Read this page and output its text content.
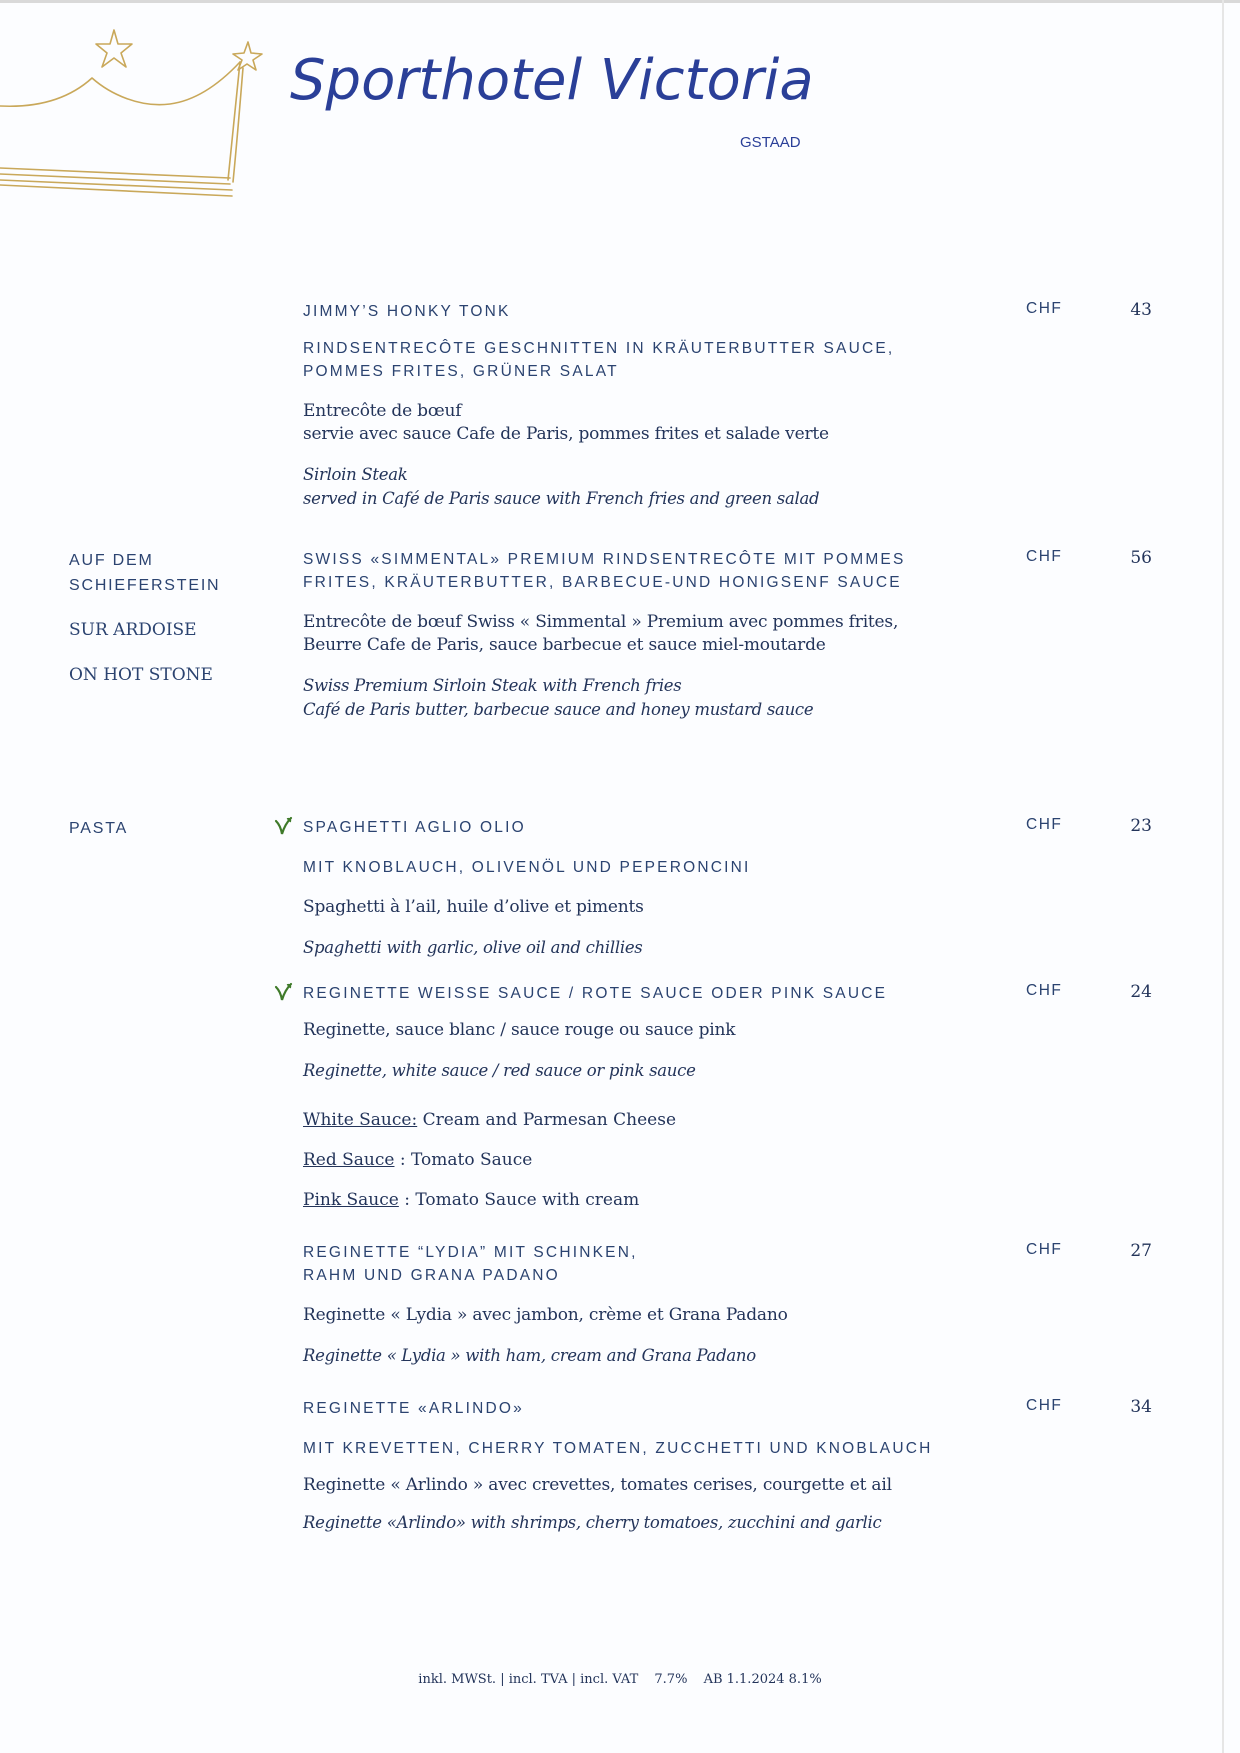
Sporthotel Victoria
GSTAAD
JIMMY’S HONKY TONK
RINDSENTRECÔTE GESCHNITTEN IN KRÄUTERBUTTER SAUCE,
POMMES FRITES, GRÜNER SALAT
Entrecôte de bœuf
servie avec sauce Cafe de Paris, pommes frites et salade verte
Sirloin Steak
served in Café de Paris sauce with French fries and green salad
CHF	43
AUF DEM
SCHIEFERSTEIN
SUR ARDOISE
ON HOT STONE
SWISS «SIMMENTAL» PREMIUM RINDSENTRECÔTE MIT POMMES
FRITES, KRÄUTERBUTTER, BARBECUE-UND HONIGSENF SAUCE
Entrecôte de bœuf Swiss « Simmental » Premium avec pommes frites,
Beurre Cafe de Paris, sauce barbecue et sauce miel-moutarde
Swiss Premium Sirloin Steak with French fries
Café de Paris butter, barbecue sauce and honey mustard sauce
CHF	56
PASTA	SPAGHETTI AGLIO OLIO
MIT KNOBLAUCH, OLIVENÖL UND PEPERONCINI
Spaghetti à l’ail, huile d’olive et piments
Spaghetti with garlic, olive oil and chillies
CHF	23
REGINETTE WEISSE SAUCE / ROTE SAUCE ODER PINK SAUCE
Reginette, sauce blanc / sauce rouge ou sauce pink
Reginette, white sauce / red sauce or pink sauce
White Sauce: Cream and Parmesan Cheese
Red Sauce : Tomato Sauce
Pink Sauce : Tomato Sauce with cream
CHF	24
REGINETTE “LYDIA” MIT SCHINKEN,
RAHM UND GRANA PADANO
Reginette « Lydia » avec jambon, crème et Grana Padano
Reginette « Lydia » with ham, cream and Grana Padano
CHF	27
REGINETTE «ARLINDO»
MIT KREVETTEN, CHERRY TOMATEN, ZUCCHETTI UND KNOBLAUCH
Reginette « Arlindo » avec crevettes, tomates cerises, courgette et ail
Reginette «Arlindo» with shrimps, cherry tomatoes, zucchini and garlic
CHF	34
inkl. MWSt. | incl. TVA | incl. VAT 7.7% AB 1.1.2024 8.1%
